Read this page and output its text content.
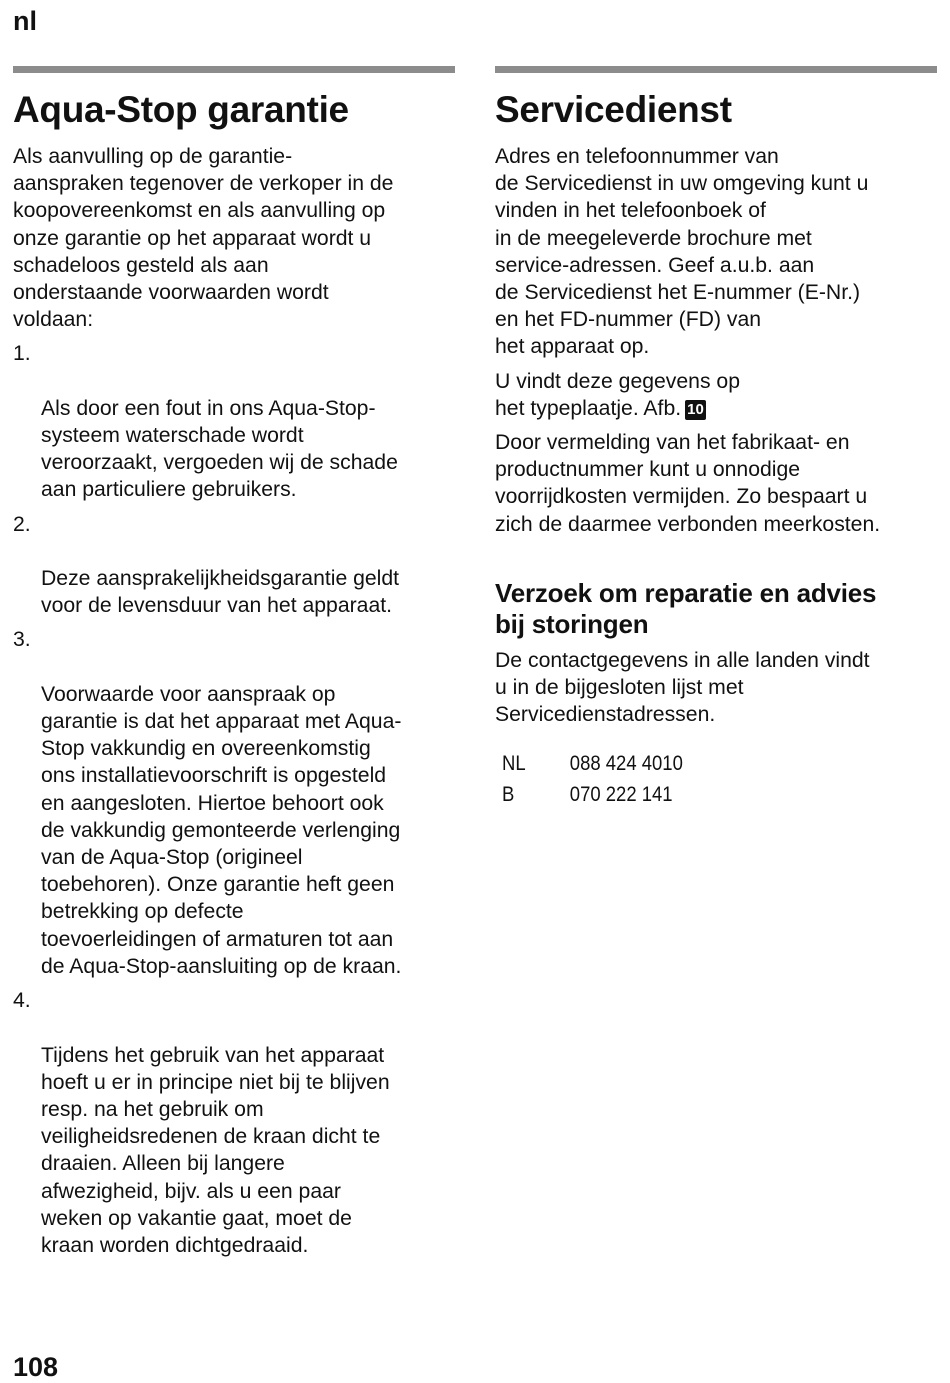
nl
Aqua-Stop garantie

Als aanvulling op de garantie-
aanspraken tegenover de verkoper in de
koopovereenkomst en als aanvulling op
onze garantie op het apparaat wordt u
schadeloos gesteld als aan
onderstaande voorwaarden wordt
voldaan:

1.

Als door een fout in ons Aqua-Stop-
systeem waterschade wordt
veroorzaakt, vergoeden wij de schade
aan particuliere gebruikers.

2.

Deze aansprakelijkheidsgarantie geldt
voor de levensduur van het apparaat.

3.

Voorwaarde voor aanspraak op
garantie is dat het apparaat met Aqua-
Stop vakkundig en overeenkomstig
ons installatievoorschrift is opgesteld
en aangesloten. Hiertoe behoort ook
de vakkundig gemonteerde verlenging
van de Aqua-Stop (origineel
toebehoren). Onze garantie heft geen
betrekking op defecte
toevoerleidingen of armaturen tot aan
de Aqua-Stop-aansluiting op de kraan.

4.

Tijdens het gebruik van het apparaat
hoeft u er in principe niet bij te blijven
resp. na het gebruik om
veiligheidsredenen de kraan dicht te
draaien. Alleen bij langere
afwezigheid, bijv. als u een paar
weken op vakantie gaat, moet de
kraan worden dichtgedraaid.

Servicedienst

Adres en telefoonnummer van
de Servicedienst in uw omgeving kunt u
vinden in het telefoonboek of
in de meegeleverde brochure met
service-adressen. Geef a.u.b. aan
de Servicedienst het E-nummer (E-Nr.)
en het FD-nummer (FD) van
het apparaat op.

U vindt deze gegevens op
het typeplaatje. Afb. 10

Door vermelding van het fabrikaat- en
productnummer kunt u onnodige
voorrijdkosten vermijden. Zo bespaart u
zich de daarmee verbonden meerkosten.

Verzoek om reparatie en advies
bij storingen

De contactgegevens in alle landen vindt
u in de bijgesloten lijst met
Servicedienstadressen.

NL	088 424 4010
B	070 222 141
108
